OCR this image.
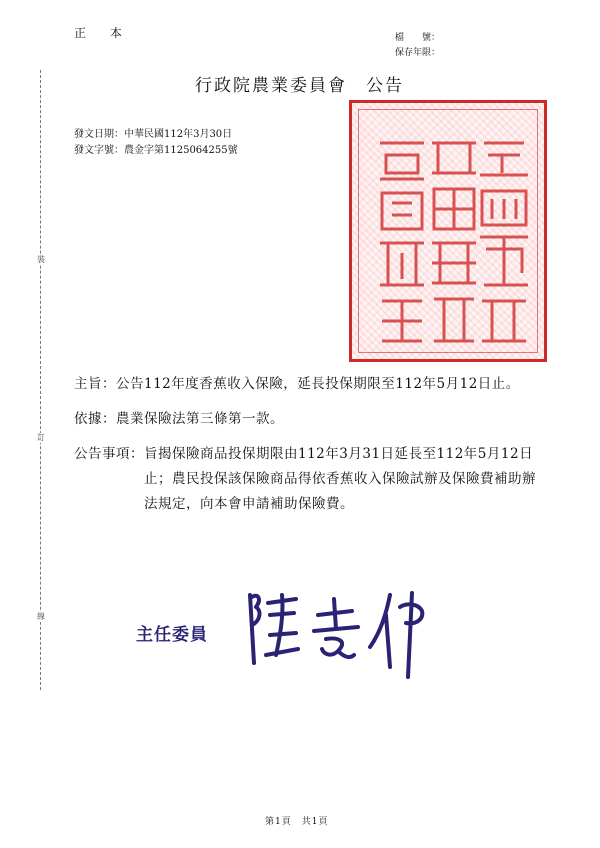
正 本	檔　　號：
保存年限：
裝
訂
線
行政院農業委員會　公告
發文日期：中華民國112年3月30日
發文字號：農金字第1125064255號
主旨： 公告112年度香蕉收入保險，延長投保期限至112年5月12日止。
依據： 農業保險法第三條第一款。
公告事項： 旨揭保險商品投保期限由112年3月31日延長至112年5月12日止；農民投保該保險商品得依香蕉收入保險試辦及保險費補助辦法規定，向本會申請補助保險費。
主任委員
第1頁　共1頁
